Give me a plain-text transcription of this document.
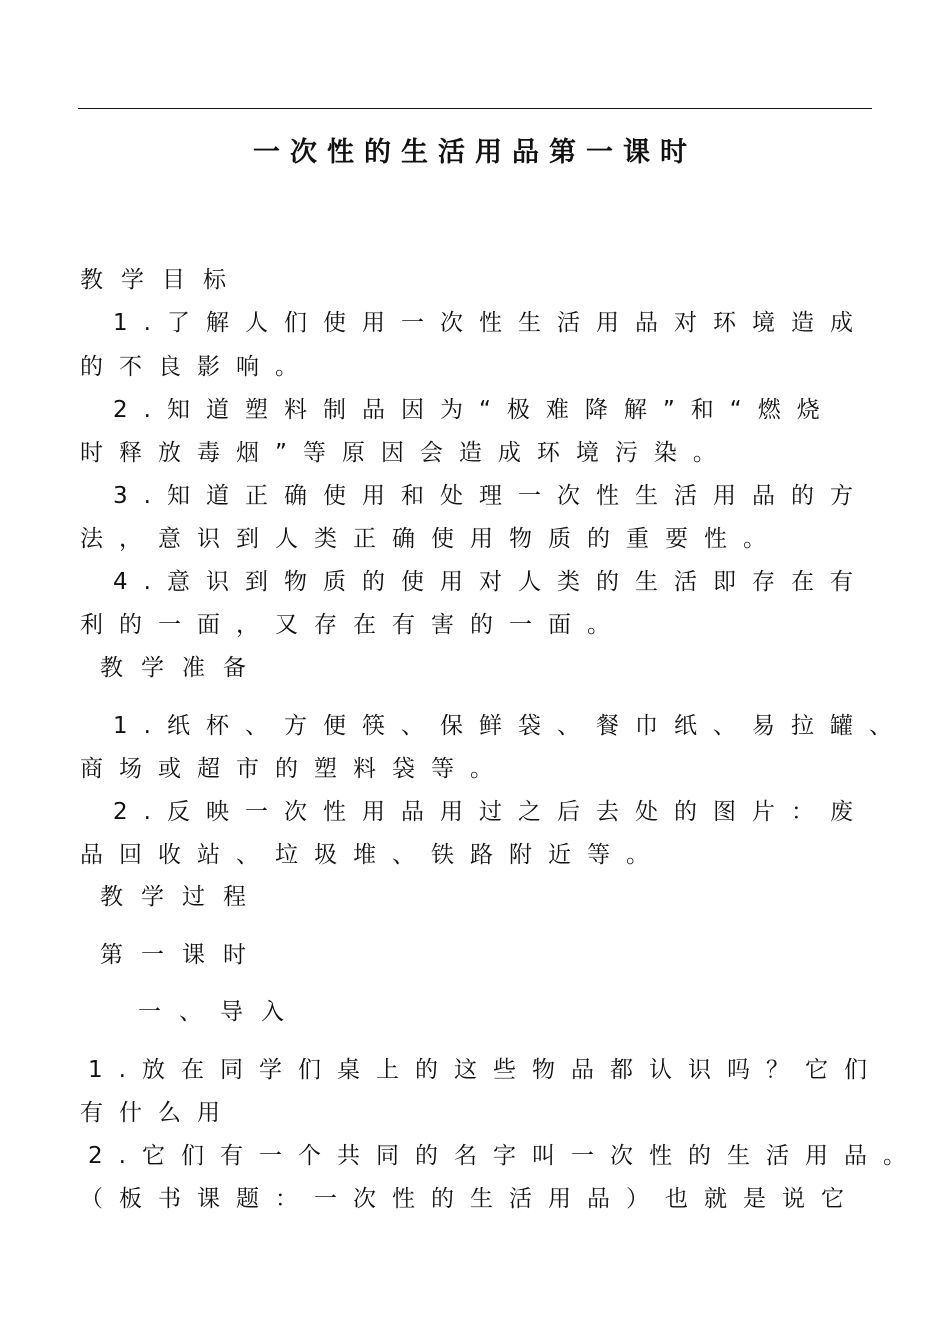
一次性的生活用品第一课时
教学目标
1.了解人们使用一次性生活用品对环境造成
的不良影响。
2.知道塑料制品因为“极难降解”和“燃烧
时释放毒烟”等原因会造成环境污染。
3.知道正确使用和处理一次性生活用品的方
法，意识到人类正确使用物质的重要性。
4.意识到物质的使用对人类的生活即存在有
利的一面，又存在有害的一面。
教学准备
1.纸杯、方便筷、保鲜袋、餐巾纸、易拉罐、
商场或超市的塑料袋等。
2.反映一次性用品用过之后去处的图片：废
品回收站、垃圾堆、铁路附近等。
教学过程
第一课时
一、导入
1.放在同学们桌上的这些物品都认识吗？它们
有什么用
2.它们有一个共同的名字叫一次性的生活用品。
（板书课题：一次性的生活用品）也就是说它
